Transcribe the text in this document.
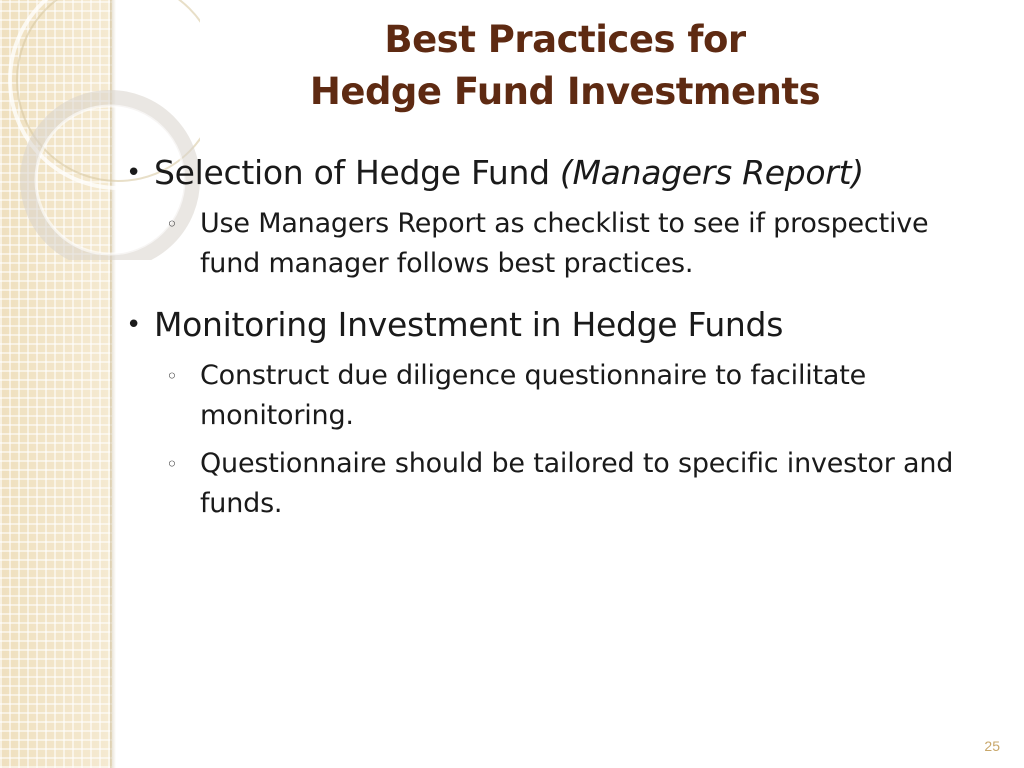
Best Practices for
Hedge Fund Investments

• Selection of Hedge Fund (Managers Report)

◦ Use Managers Report as checklist to see if prospective fund manager follows best practices.

• Monitoring Investment in Hedge Funds

◦ Construct due diligence questionnaire to facilitate monitoring.

◦ Questionnaire should be tailored to specific investor and funds.

25
